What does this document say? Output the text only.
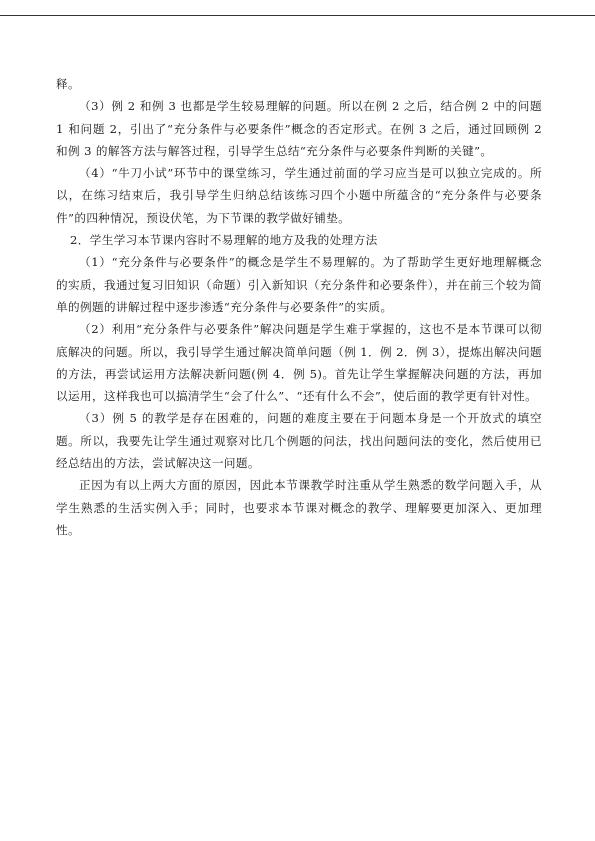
释。

（3）例 2 和例 3 也都是学生较易理解的问题。所以在例 2 之后，结合例 2 中的问题 1 和问题 2，引出了“充分条件与必要条件”概念的否定形式。在例 3 之后，通过回顾例 2 和例 3 的解答方法与解答过程，引导学生总结“充分条件与必要条件判断的关键”。

（4）“牛刀小试”环节中的课堂练习，学生通过前面的学习应当是可以独立完成的。所以，在练习结束后，我引导学生归纳总结该练习四个小题中所蕴含的“充分条件与必要条件”的四种情况，预设伏笔，为下节课的教学做好铺垫。

2．学生学习本节课内容时不易理解的地方及我的处理方法

（1）“充分条件与必要条件”的概念是学生不易理解的。为了帮助学生更好地理解概念的实质，我通过复习旧知识（命题）引入新知识（充分条件和必要条件），并在前三个较为简单的例题的讲解过程中逐步渗透“充分条件与必要条件”的实质。

（2）利用“充分条件与必要条件”解决问题是学生难于掌握的，这也不是本节课可以彻底解决的问题。所以，我引导学生通过解决简单问题（例 1．例 2．例 3），提炼出解决问题的方法，再尝试运用方法解决新问题(例 4．例 5)。首先让学生掌握解决问题的方法，再加以运用，这样我也可以搞清学生“会了什么”、“还有什么不会”，使后面的教学更有针对性。

（3）例 5 的教学是存在困难的，问题的难度主要在于问题本身是一个开放式的填空题。所以，我要先让学生通过观察对比几个例题的问法，找出问题问法的变化，然后使用已经总结出的方法，尝试解决这一问题。

正因为有以上两大方面的原因，因此本节课教学时注重从学生熟悉的数学问题入手，从学生熟悉的生活实例入手；同时，也要求本节课对概念的教学、理解要更加深入、更加理性。
